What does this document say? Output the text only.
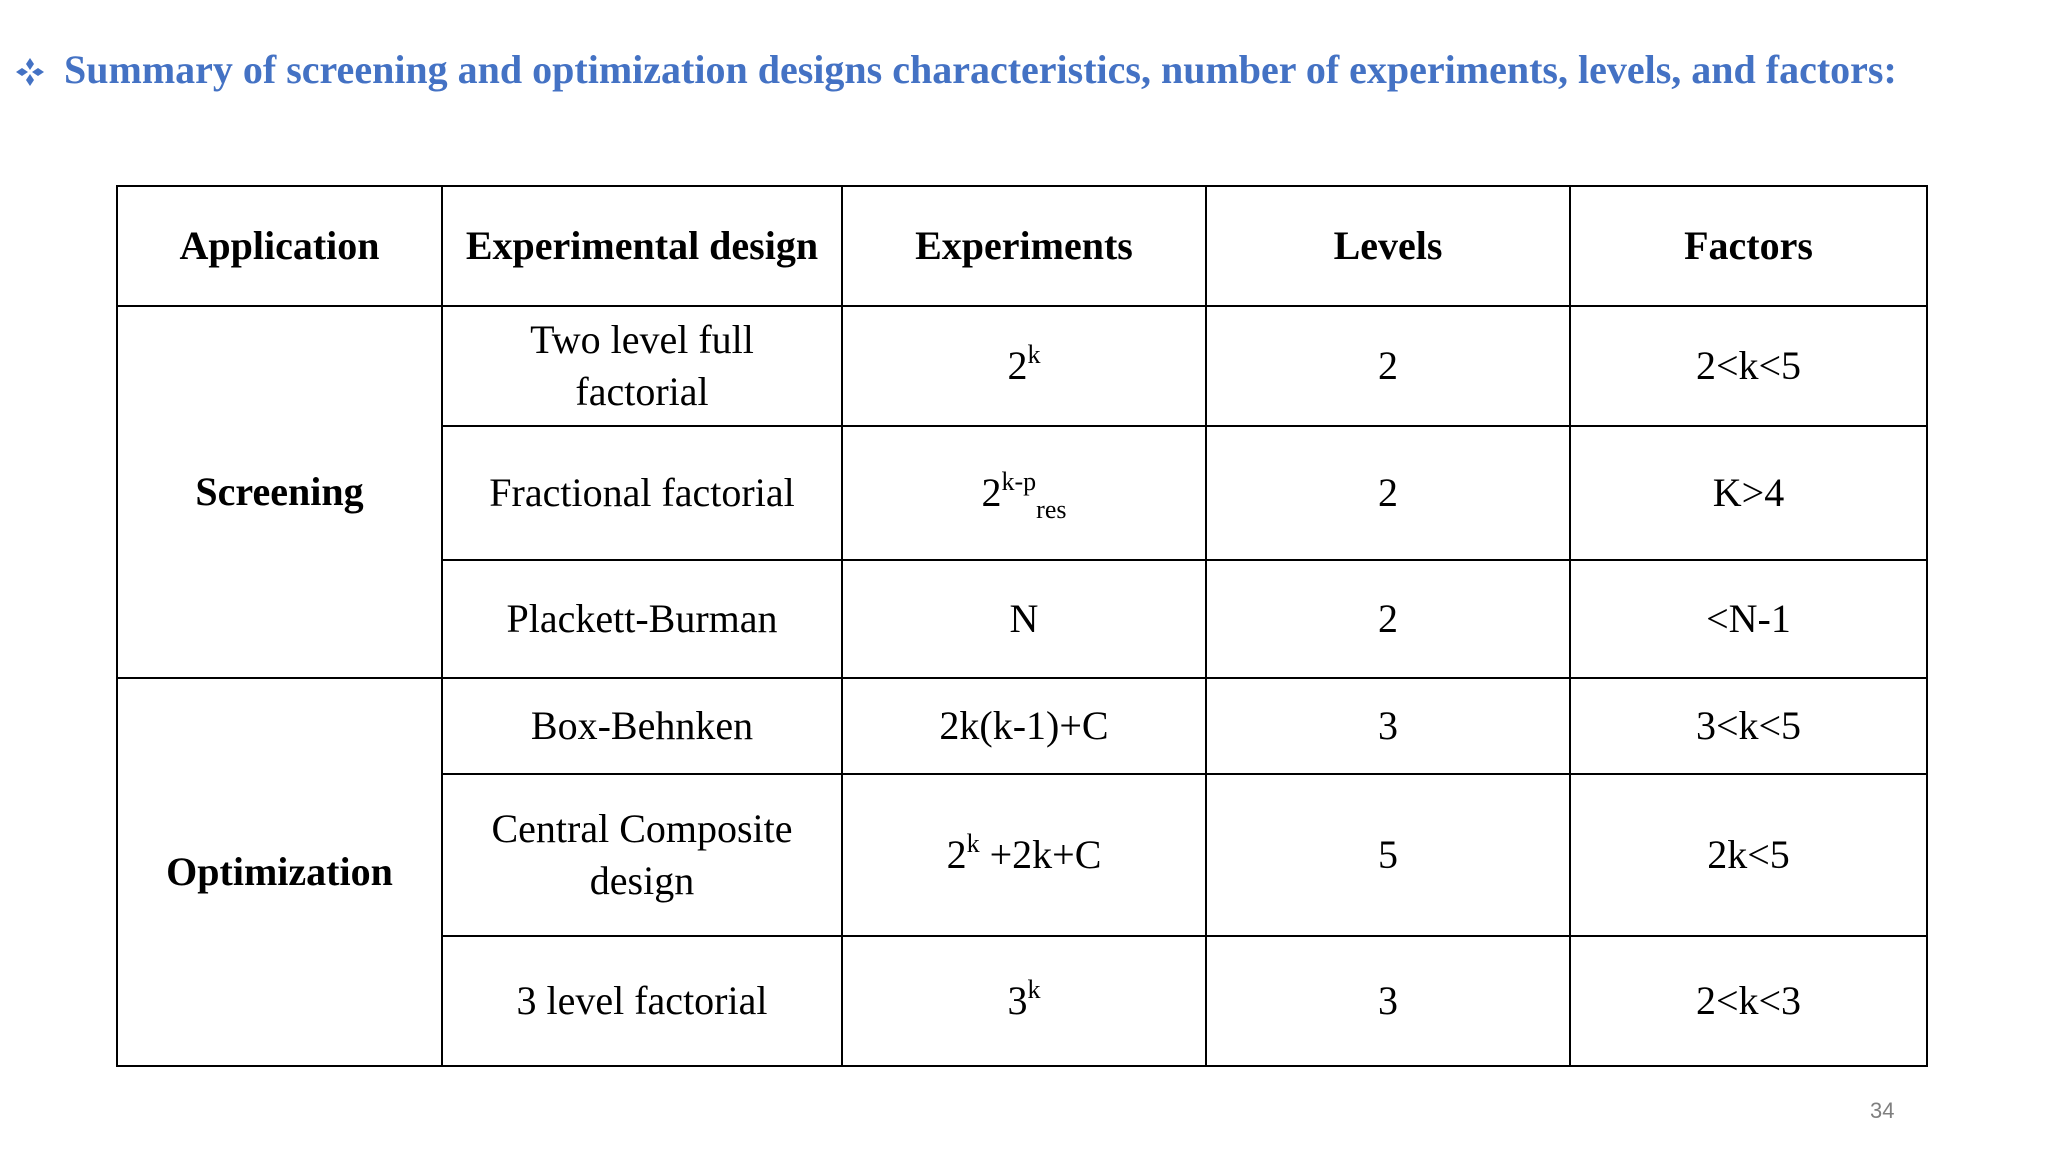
Summary of screening and optimization designs characteristics, number of experiments, levels, and factors:
Application	Experimental design	Experiments	Levels	Factors
Screening	Two level full factorial	2$^k$	2	2<k<5
	Fractional factorial	$2^{k-p}_{res}$	2	K>4
	Plackett-Burman	N	2	<N-1
Optimization	Box-Behnken	2k(k-1)+C	3	3<k<5
	Central Composite design	$2^k +2k+C$	5	2k<5
	3 level factorial	3$^k$	3	2<k<3
34
